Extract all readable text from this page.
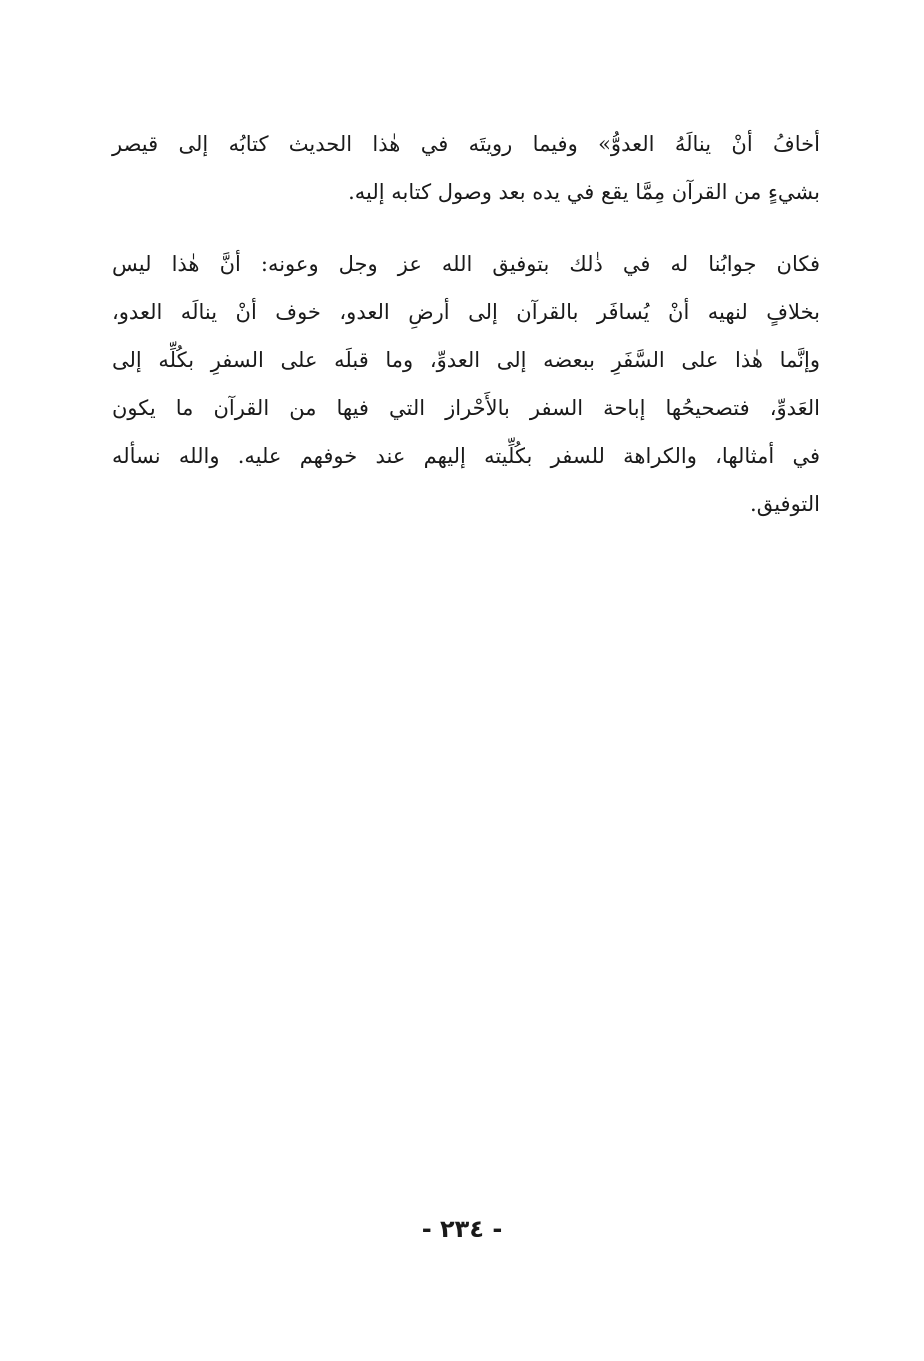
أخافُ أنْ ينالَهُ العدوُّ» وفيما رويتَه في هٰذا الحديث كتابُه إلى قيصر
بشيءٍ من القرآن مِمَّا يقع في يده بعد وصول كتابه إليه.
فكان جوابُنا له في ذٰلك بتوفيق الله عز وجل وعونه: أنَّ هٰذا ليس
بخلافٍ لنهيه أنْ يُسافَر بالقرآن إلى أرضِ العدو، خوف أنْ ينالَه العدو،
وإنَّما هٰذا على السَّفَرِ ببعضه إلى العدوِّ، وما قبلَه على السفرِ بكُلِّه إلى
العَدوِّ، فتصحيحُها إباحة السفر بالأَحْراز التي فيها من القرآن ما يكون
في أمثالها، والكراهة للسفر بكُلِّيته إليهم عند خوفهم عليه. والله نسأله
التوفيق.
- ٢٣٤ -
